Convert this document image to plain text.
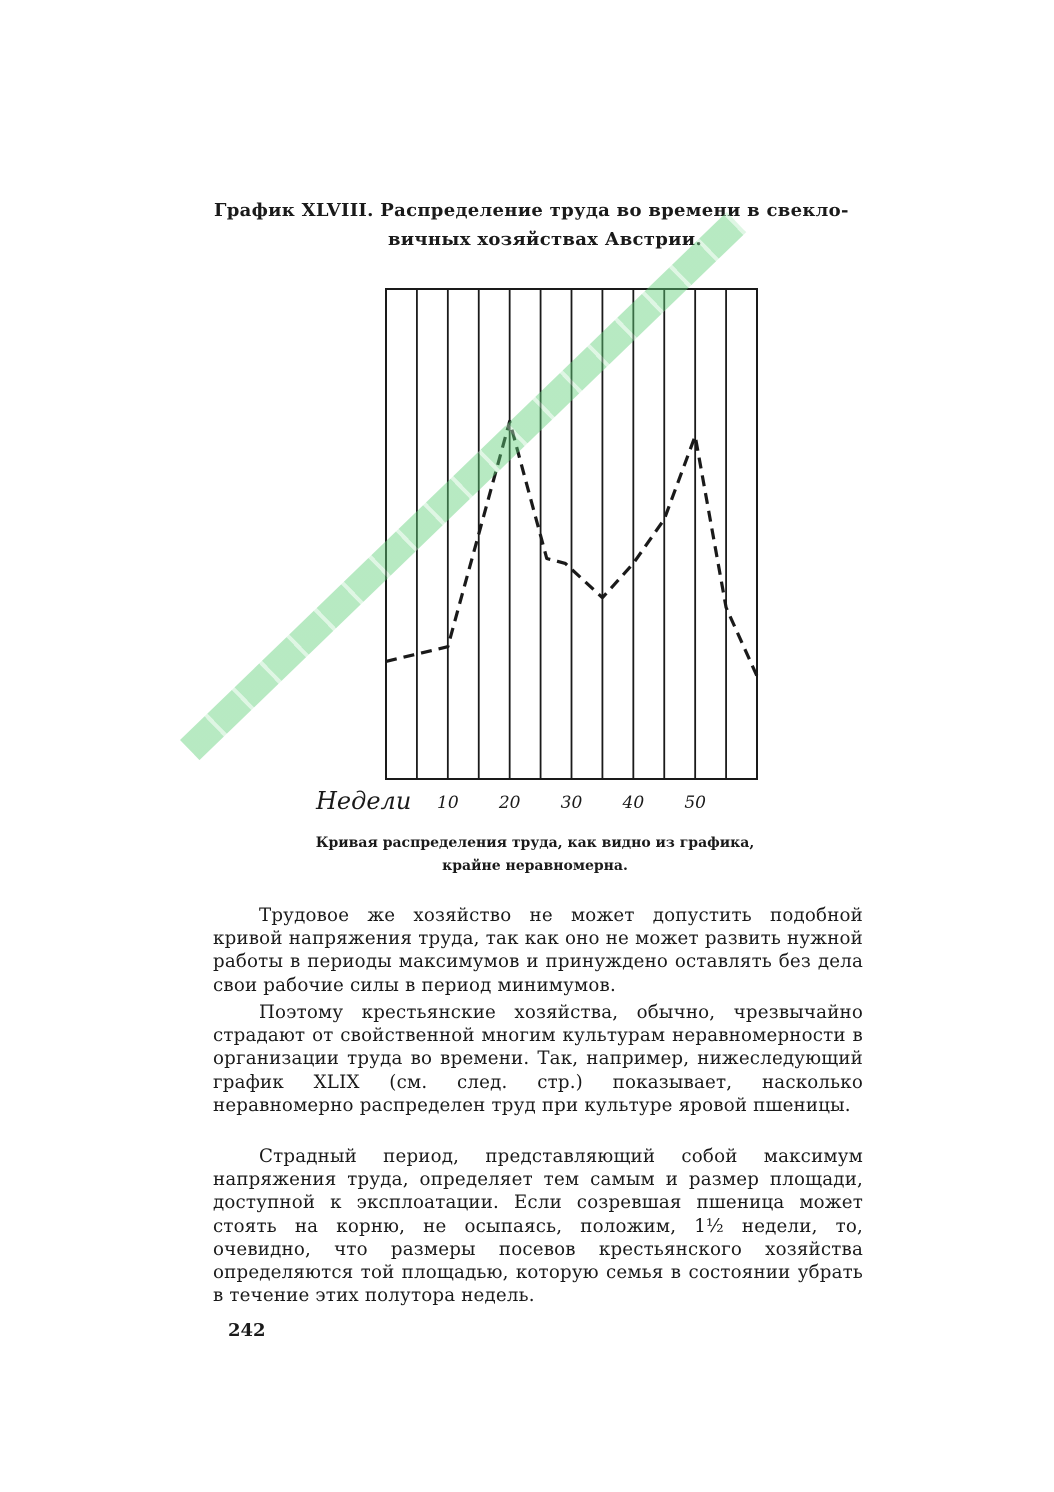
График XLVIII. Распределение труда во времени в свекло-
вичных хозяйствах Австрии.
Недели 10 20 30 40 50
Кривая распределения труда, как видно из графика,
крайне неравномерна.

Трудовое же хозяйство не может допустить подобной кривой напряжения труда, так как оно не может развить нужной работы в периоды максимумов и принуждено оставлять без дела свои рабочие силы в период минимумов.

Поэтому крестьянские хозяйства, обычно, чрезвычайно страдают от свойственной многим культурам неравномерности в организации труда во времени. Так, например, нижеследующий график XLIX (см. след. стр.) показывает, насколько неравномерно распределен труд при культуре яровой пшеницы.

Страдный период, представляющий собой максимум напряжения труда, определяет тем самым и размер площади, доступной к эксплоатации. Если созревшая пшеница может стоять на корню, не осыпаясь, положим, 1½ недели, то, очевидно, что размеры посевов крестьянского хозяйства определяются той площадью, которую семья в состоянии убрать в течение этих полутора недель.

242
